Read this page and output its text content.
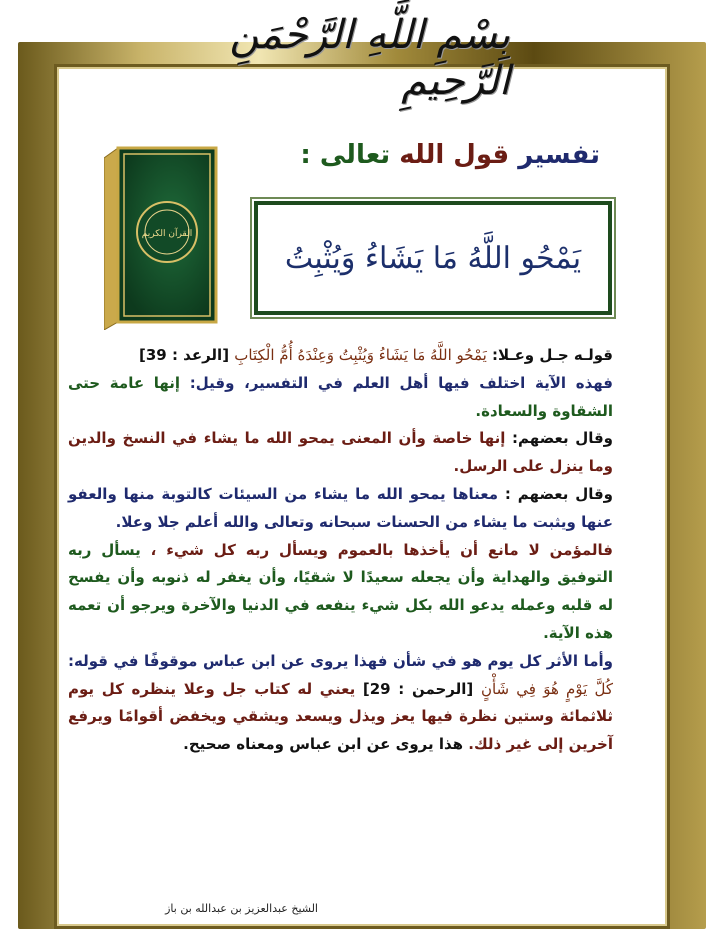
بِسْمِ اللَّهِ الرَّحْمَنِ الرَّحِيمِ
القرآن الكريم
تفسير قول الله تعالى :
يَمْحُو اللَّهُ مَا يَشَاءُ وَيُثْبِتُ

قولـه جـل وعـلا: يَمْحُو اللَّهُ مَا يَشَاءُ وَيُثْبِتُ وَعِنْدَهُ أُمُّ الْكِتَابِ [الرعد : 39]

فهذه الآية اختلف فيها أهل العلم في التفسير، وقيل: إنها عامة حتى الشقاوة والسعادة.

وقال بعضهم: إنها خاصة وأن المعنى يمحو الله ما يشاء في النسخ والدين وما ينزل على الرسل.

وقال بعضهم : معناها يمحو الله ما يشاء من السيئات كالتوبة منها والعفو عنها ويثبت ما يشاء من الحسنات سبحانه وتعالى والله أعلم جلا وعلا.

فالمؤمن لا مانع أن يأخذها بالعموم ويسأل ربه كل شيء ، يسأل ربه التوفيق والهداية وأن يجعله سعيدًا لا شقيًا، وأن يغفر له ذنوبه وأن يفسح له قلبه وعمله يدعو الله بكل شيء ينفعه في الدنيا والآخرة ويرجو أن تعمه هذه الآية.

وأما الأثر كل يوم هو في شأن فهذا يروى عن ابن عباس موقوفًا في قوله: كُلَّ يَوْمٍ هُوَ فِي شَأْنٍ [الرحمن : 29] يعني له كتاب جل وعلا ينظره كل يوم ثلاثمائة وستين نظرة فيها يعز ويذل ويسعد ويشقي ويخفض أقوامًا ويرفع آخرين إلى غير ذلك. هذا يروى عن ابن عباس ومعناه صحيح.

الشيخ عبدالعزيز بن عبدالله بن باز
